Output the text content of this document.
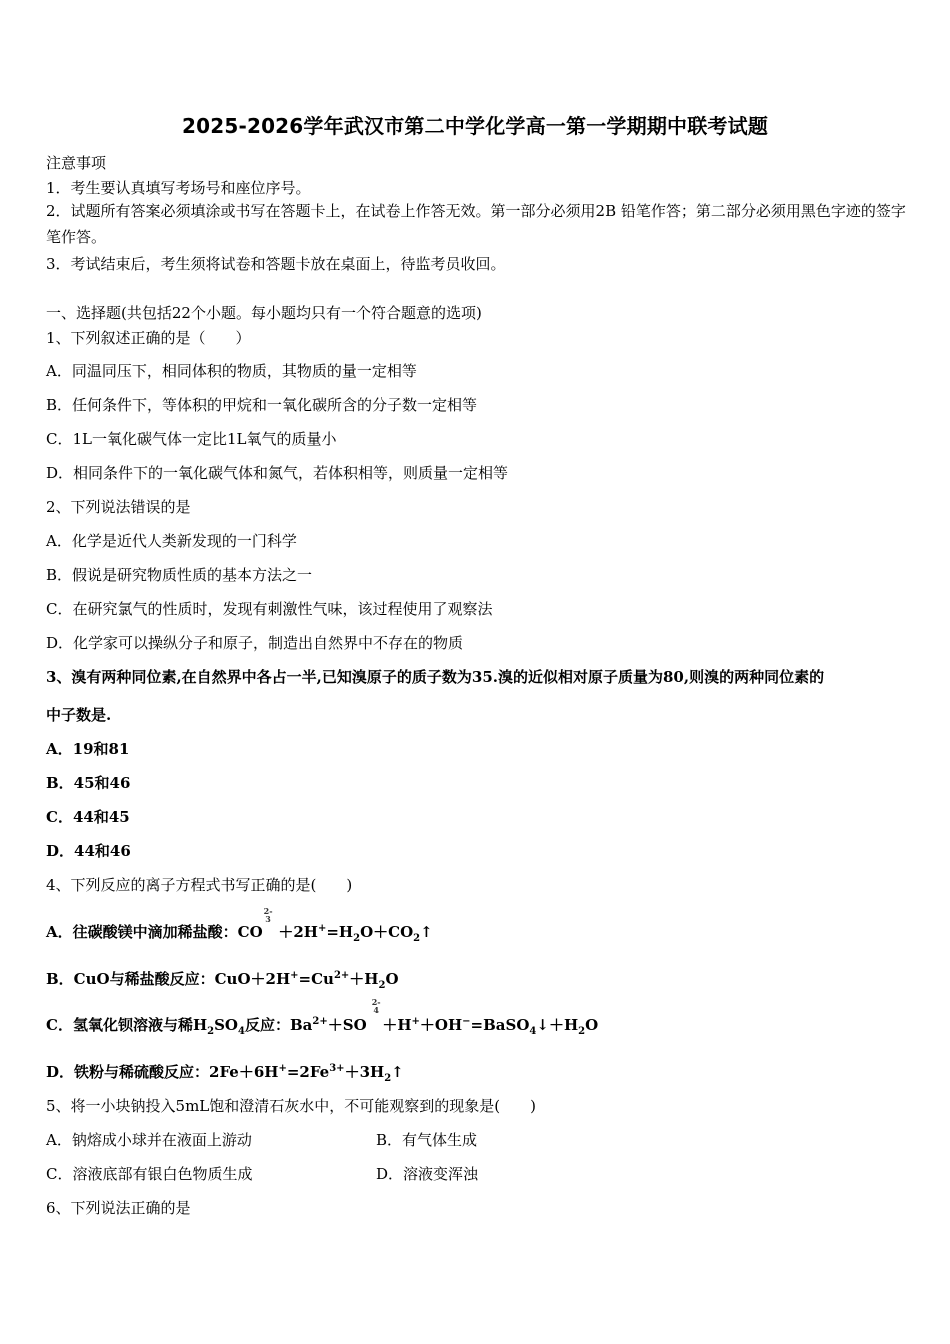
2025-2026学年武汉市第二中学化学高一第一学期期中联考试题
注意事项
1．考生要认真填写考场号和座位序号。
2．试题所有答案必须填涂或书写在答题卡上，在试卷上作答无效。第一部分必须用2B 铅笔作答；第二部分必须用黑色字迹的签字笔作答。
3．考试结束后，考生须将试卷和答题卡放在桌面上，待监考员收回。
一、选择题(共包括22个小题。每小题均只有一个符合题意的选项)
1、下列叙述正确的是（　　）
A．同温同压下，相同体积的物质，其物质的量一定相等
B．任何条件下，等体积的甲烷和一氧化碳所含的分子数一定相等
C．1L一氧化碳气体一定比1L氧气的质量小
D．相同条件下的一氧化碳气体和氮气，若体积相等，则质量一定相等
2、下列说法错误的是
A．化学是近代人类新发现的一门科学
B．假说是研究物质性质的基本方法之一
C．在研究氯气的性质时，发现有刺激性气味，该过程使用了观察法
D．化学家可以操纵分子和原子，制造出自然界中不存在的物质
3、溴有两种同位素,在自然界中各占一半,已知溴原子的质子数为35.溴的近似相对原子质量为80,则溴的两种同位素的
中子数是.
A．19和81
B．45和46
C．44和45
D．44和46
4、下列反应的离子方程式书写正确的是(　　)
A．往碳酸镁中滴加稀盐酸：CO
2-
3
$+2H^+=H_2O+CO_2↑$
B．CuO与稀盐酸反应：$CuO+2H^+=Cu^{2+}+H_2O$
C．氢氧化钡溶液与稀$H_2SO_4$反应：$Ba^{2+}+SO$
2-
4
$+H^++OH^-=BaSO_4↓+H_2O$
D．铁粉与稀硫酸反应：$2Fe+6H^+=2Fe^{3+}+3H_2↑$
5、将一小块钠投入5mL饱和澄清石灰水中，不可能观察到的现象是(　　)
A．钠熔成小球并在液面上游动	B．有气体生成
C．溶液底部有银白色物质生成	D．溶液变浑浊
6、下列说法正确的是
